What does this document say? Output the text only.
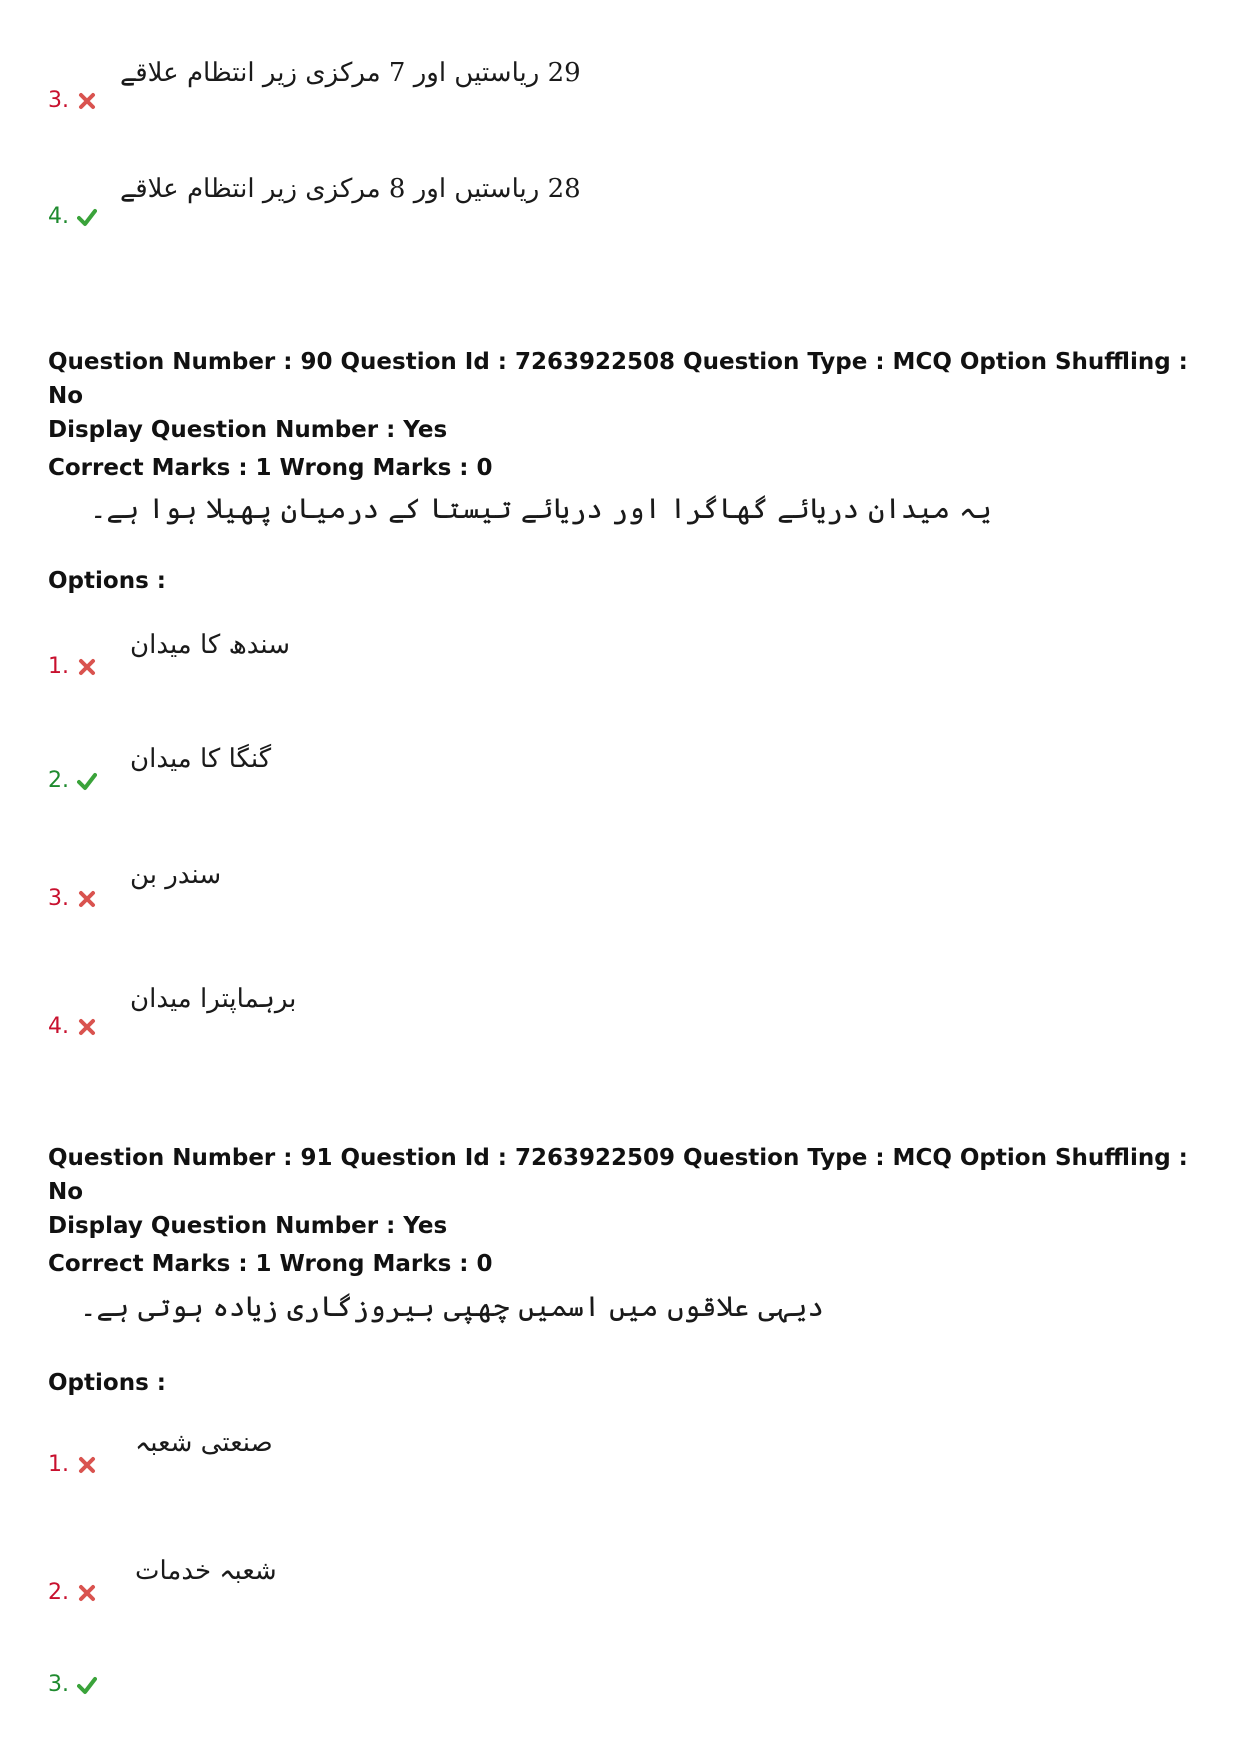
29 ریاستیں اور 7 مرکزی زیر انتظام علاقے
3.
28 ریاستیں اور 8 مرکزی زیر انتظام علاقے
4.
Question Number : 90 Question Id : 7263922508 Question Type : MCQ Option Shuffling : No
Display Question Number : Yes
Correct Marks : 1 Wrong Marks : 0
یہ میدان دریائے گھاگرا اور دریائے تیستا کے درمیان پھیلا ہوا ہے۔
Options :
سندھ کا میدان
1.
گنگا کا میدان
2.
سندر بن
3.
برہماپترا میدان
4.
Question Number : 91 Question Id : 7263922509 Question Type : MCQ Option Shuffling : No
Display Question Number : Yes
Correct Marks : 1 Wrong Marks : 0
دیہی علاقوں میں اسمیں چھپی بیروزگاری زیادہ ہوتی ہے۔
Options :
صنعتی شعبہ
1.
شعبہ خدمات
2.
3.
